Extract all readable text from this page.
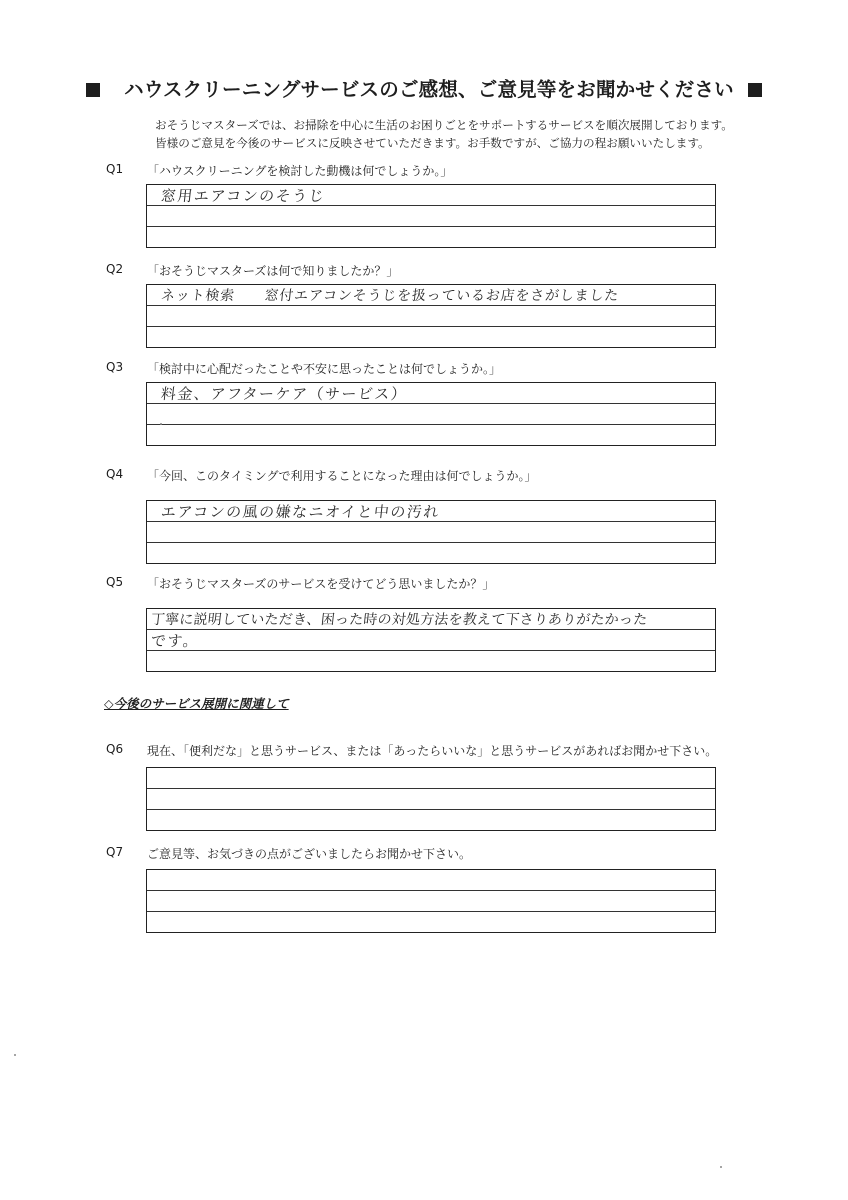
ハウスクリーニングサービスのご感想、ご意見等をお聞かせください
おそうじマスターズでは、お掃除を中心に生活のお困りごとをサポートするサービスを順次展開しております。
皆様のご意見を今後のサービスに反映させていただきます。お手数ですが、ご協力の程お願いいたします。
Q1 「ハウスクリーニングを検討した動機は何でしょうか。」
窓用エアコンのそうじ
Q2 「おそうじマスターズは何で知りましたか？」
ネット検索　　窓付エアコンそうじを扱っているお店をさがしました
Q3 「検討中に心配だったことや不安に思ったことは何でしょうか。」
料金、アフターケア（サービス）
Q4 「今回、このタイミングで利用することになった理由は何でしょうか。」
エアコンの風の嫌なニオイと中の汚れ
Q5 「おそうじマスターズのサービスを受けてどう思いましたか？」
丁寧に説明していただき、困った時の対処方法を教えて下さりありがたかった
です。
◇今後のサービス展開に関連して
Q6 現在、「便利だな」と思うサービス、または「あったらいいな」と思うサービスがあればお聞かせ下さい。
Q7 ご意見等、お気づきの点がございましたらお聞かせ下さい。
